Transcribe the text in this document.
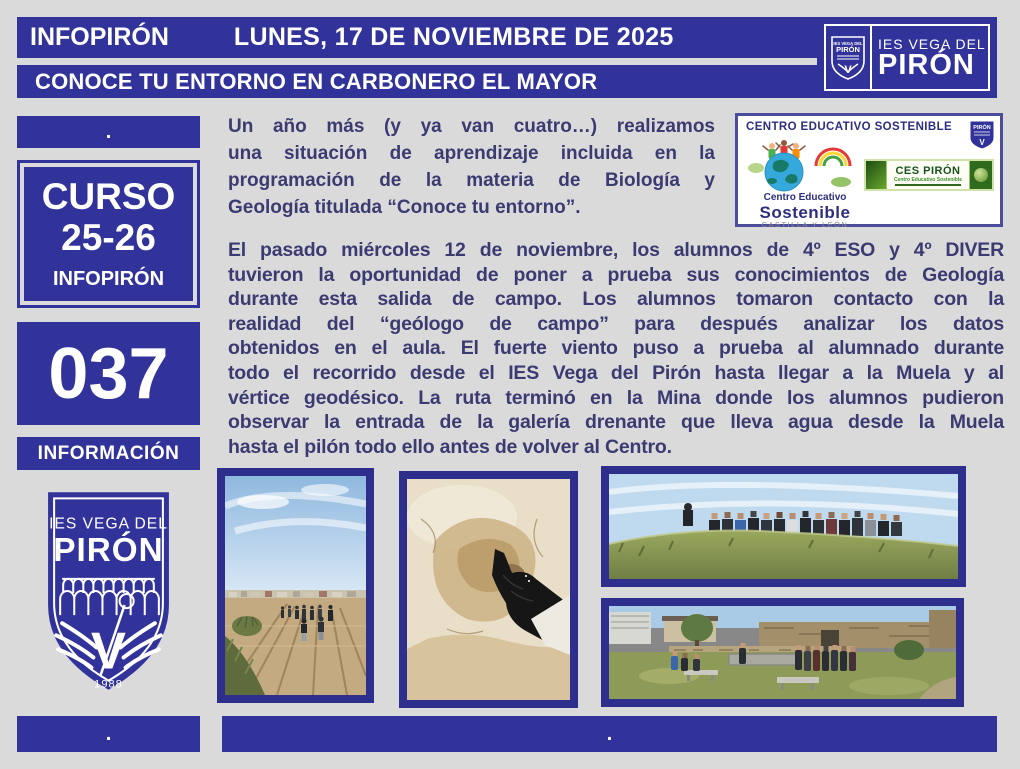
INFOPIRÓN	LUNES, 17 DE NOVIEMBRE DE 2025
CONOCE TU ENTORNO EN CARBONERO EL MAYOR
IES VEGA DEL
PIRÓN
V
IES VEGA DEL
PIRÓN
.
CURSO
25-26
INFOPIRÓN
037
INFORMACIÓN
IES VEGA DEL
PIRÓN
V
1988
Un año más (y ya van cuatro…) realizamos
una situación de aprendizaje incluida en la
programación de la materia de Biología y
Geología titulada “Conoce tu entorno”.
El pasado miércoles 12 de noviembre, los alumnos de 4º ESO y 4º DIVER
tuvieron la oportunidad de poner a prueba sus conocimientos de Geología
durante esta salida de campo. Los alumnos tomaron contacto con la
realidad del “geólogo de campo” para después analizar los datos
obtenidos en el aula. El fuerte viento puso a prueba al alumnado durante
todo el recorrido desde el IES Vega del Pirón hasta llegar a la Muela y al
vértice geodésico. La ruta terminó en la Mina donde los alumnos pudieron
observar la entrada de la galería drenante que lleva agua desde la Muela
hasta el pilón todo ello antes de volver al Centro.
CENTRO EDUCATIVO SOSTENIBLE	PIRÓN
V
Centro Educativo
Sostenible
CASTILLA Y LEÓN
CES PIRÓN
Centro Educativo Sostenible
.	.
